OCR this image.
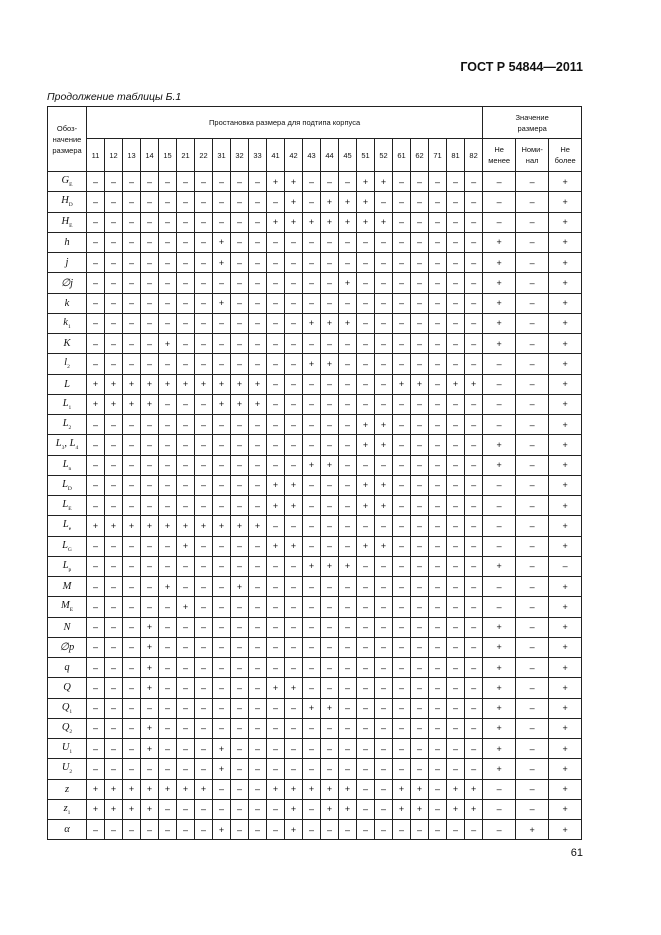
ГОСТ Р 54844—2011
Продолжение таблицы Б.1
Обоз-
начение
размера	Простановка размера для подтипа корпуса																						Значение
размера		
	11	12	13	14	15	21	22	31	32	33	41	42	43	44	45	51	52	61	62	71	81	82	Не
менее	Номи-
нал	Не
более
$G_E$	–	–	–	–	–	–	–	–	–	–	+	+	–	–	–	+	+	–	–	–	–	–	–	–	+
$H_D$	–	–	–	–	–	–	–	–	–	–	–	+	–	+	+	+	–	–	–	–	–	–	–	–	+
$H_E$	–	–	–	–	–	–	–	–	–	–	+	+	+	+	+	+	+	–	–	–	–	–	–	–	+
h	–	–	–	–	–	–	–	+	–	–	–	–	–	–	–	–	–	–	–	–	–	–	+	–	+
j	–	–	–	–	–	–	–	+	–	–	–	–	–	–	–	–	–	–	–	–	–	–	+	–	+
∅j	–	–	–	–	–	–	–	–	–	–	–	–	–	–	+	–	–	–	–	–	–	–	+	–	+
k	–	–	–	–	–	–	–	+	–	–	–	–	–	–	–	–	–	–	–	–	–	–	+	–	+
$k_1$	–	–	–	–	–	–	–	–	–	–	–	–	+	+	+	–	–	–	–	–	–	–	+	–	+
K	–	–	–	–	+	–	–	–	–	–	–	–	–	–	–	–	–	–	–	–	–	–	+	–	+
$l_2$	–	–	–	–	–	–	–	–	–	–	–	–	+	+	–	–	–	–	–	–	–	–	–	–	+
L	+	+	+	+	+	+	+	+	+	+	–	–	–	–	–	–	–	+	+	–	+	+	–	–	+
$L_1$	+	+	+	+	–	–	–	+	+	+	–	–	–	–	–	–	–	–	–	–	–	–	–	–	+
$L_2$	–	–	–	–	–	–	–	–	–	–	–	–	–	–	–	+	+	–	–	–	–	–	–	–	+
$L_3$, $L_4$	–	–	–	–	–	–	–	–	–	–	–	–	–	–	–	+	+	–	–	–	–	–	+	–	+
$L_n$	–	–	–	–	–	–	–	–	–	–	–	–	+	+	–	–	–	–	–	–	–	–	+	–	+
$L_D$	–	–	–	–	–	–	–	–	–	–	+	+	–	–	–	+	+	–	–	–	–	–	–	–	+
$L_E$	–	–	–	–	–	–	–	–	–	–	+	+	–	–	–	+	+	–	–	–	–	–	–	–	+
$L_e$	+	+	+	+	+	+	+	+	+	+	–	–	–	–	–	–	–	–	–	–	–	–	–	–	+
$L_G$	–	–	–	–	–	+	–	–	–	–	+	+	–	–	–	+	+	–	–	–	–	–	–	–	+
$L_p$	–	–	–	–	–	–	–	–	–	–	–	–	+	+	+	–	–	–	–	–	–	–	+	–	–
M	–	–	–	–	+	–	–	–	+	–	–	–	–	–	–	–	–	–	–	–	–	–	–	–	+
$M_E$	–	–	–	–	–	+	–	–	–	–	–	–	–	–	–	–	–	–	–	–	–	–	–	–	+
N	–	–	–	+	–	–	–	–	–	–	–	–	–	–	–	–	–	–	–	–	–	–	+	–	+
∅p	–	–	–	+	–	–	–	–	–	–	–	–	–	–	–	–	–	–	–	–	–	–	+	–	+
q	–	–	–	+	–	–	–	–	–	–	–	–	–	–	–	–	–	–	–	–	–	–	+	–	+
Q	–	–	–	+	–	–	–	–	–	–	+	+	–	–	–	–	–	–	–	–	–	–	+	–	+
$Q_1$	–	–	–	–	–	–	–	–	–	–	–	–	+	+	–	–	–	–	–	–	–	–	+	–	+
$Q_2$	–	–	–	+	–	–	–	–	–	–	–	–	–	–	–	–	–	–	–	–	–	–	+	–	+
$U_1$	–	–	–	+	–	–	–	+	–	–	–	–	–	–	–	–	–	–	–	–	–	–	+	–	+
$U_2$	–	–	–	–	–	–	–	+	–	–	–	–	–	–	–	–	–	–	–	–	–	–	+	–	+
z	+	+	+	+	+	+	+	–	–	–	+	+	+	+	+	–	–	+	+	–	+	+	–	–	+
$z_1$	+	+	+	+	–	–	–	–	–	–	–	+	–	+	+	–	–	+	+	–	+	+	–	–	+
α	–	–	–	–	–	–	–	+	–	–	–	+	–	–	–	–	–	–	–	–	–	–	–	+	+
61
